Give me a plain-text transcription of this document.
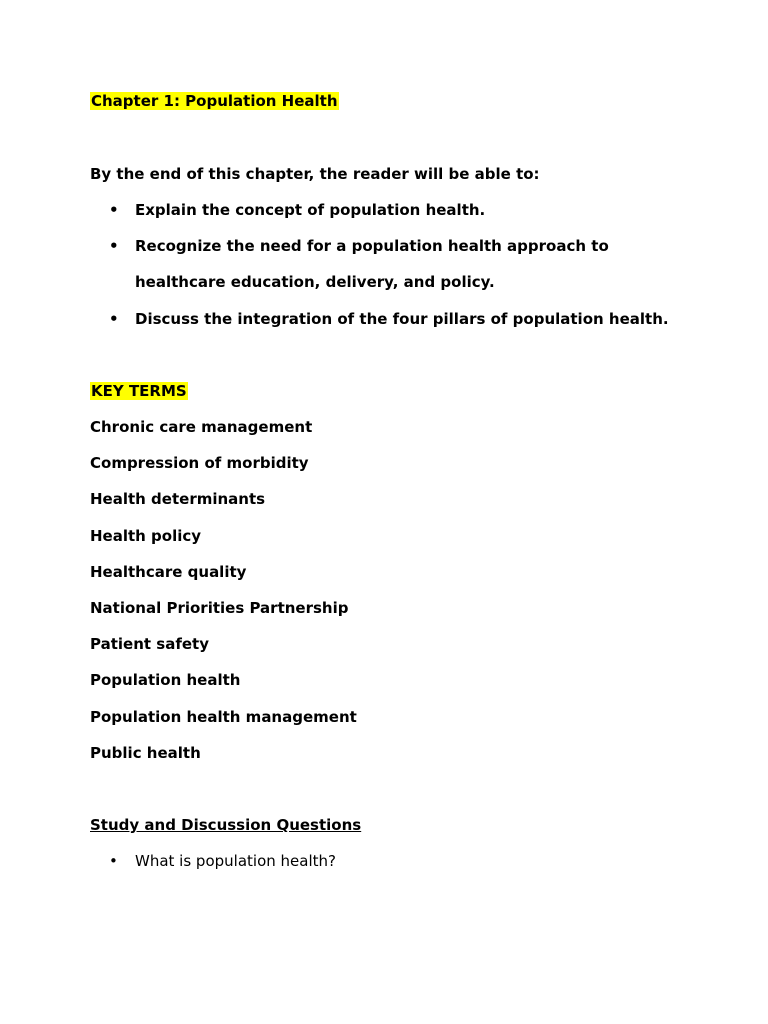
Chapter 1: Population Health
By the end of this chapter, the reader will be able to:
• Explain the concept of population health.
• Recognize the need for a population health approach to
healthcare education, delivery, and policy.
• Discuss the integration of the four pillars of population health.
KEY TERMS
Chronic care management
Compression of morbidity
Health determinants
Health policy
Healthcare quality
National Priorities Partnership
Patient safety
Population health
Population health management
Public health
Study and Discussion Questions
• What is population health?
